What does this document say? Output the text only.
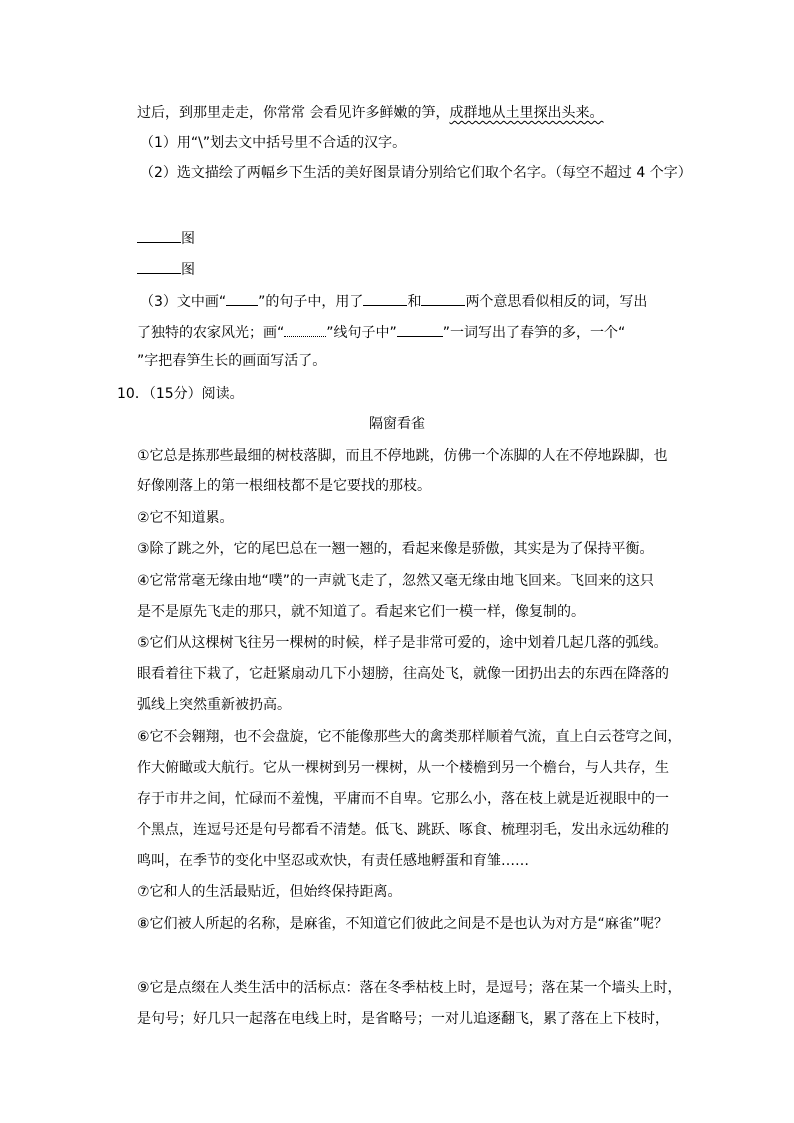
过后，到那里走走，你常常 会看见许多鲜嫩的笋，成群地从土里探出头来。
（1）用“\”划去文中括号里不合适的汉字。
（2）选文描绘了两幅乡下生活的美好图景请分别给它们取个名字。（每空不超过 4 个字）
图
图
（3）文中画“ ”的句子中，用了	和	两个意思看似相反的词，写出
了独特的农家风光；画“	”线句子中”	”一词写出了春笋的多，一个“
”字把春笋生长的画面写活了。
10．（15分）阅读。
隔窗看雀
①它总是拣那些最细的树枝落脚，而且不停地跳，仿佛一个冻脚的人在不停地跺脚，也
好像刚落上的第一根细枝都不是它要找的那枝。
②它不知道累。
③除了跳之外，它的尾巴总在一翘一翘的，看起来像是骄傲，其实是为了保持平衡。
④它常常毫无缘由地“噗”的一声就飞走了，忽然又毫无缘由地飞回来。飞回来的这只
是不是原先飞走的那只，就不知道了。看起来它们一模一样，像复制的。
⑤它们从这棵树飞往另一棵树的时候，样子是非常可爱的，途中划着几起几落的弧线。
眼看着往下栽了，它赶紧扇动几下小翅膀，往高处飞，就像一团扔出去的东西在降落的
弧线上突然重新被扔高。
⑥它不会翱翔，也不会盘旋，它不能像那些大的禽类那样顺着气流，直上白云苍穹之间，
作大俯瞰或大航行。它从一棵树到另一棵树，从一个楼檐到另一个檐台，与人共存，生
存于市井之间，忙碌而不羞愧，平庸而不自卑。它那么小，落在枝上就是近视眼中的一
个黑点，连逗号还是句号都看不清楚。低飞、跳跃、啄食、梳理羽毛，发出永远幼稚的
鸣叫，在季节的变化中坚忍或欢快，有责任感地孵蛋和育雏……
⑦它和人的生活最贴近，但始终保持距离。
⑧它们被人所起的名称，是麻雀，不知道它们彼此之间是不是也认为对方是“麻雀”呢？
⑨它是点缀在人类生活中的活标点：落在冬季枯枝上时，是逗号；落在某一个墙头上时，
是句号；好几只一起落在电线上时，是省略号；一对儿追逐翻飞，累了落在上下枝时，
